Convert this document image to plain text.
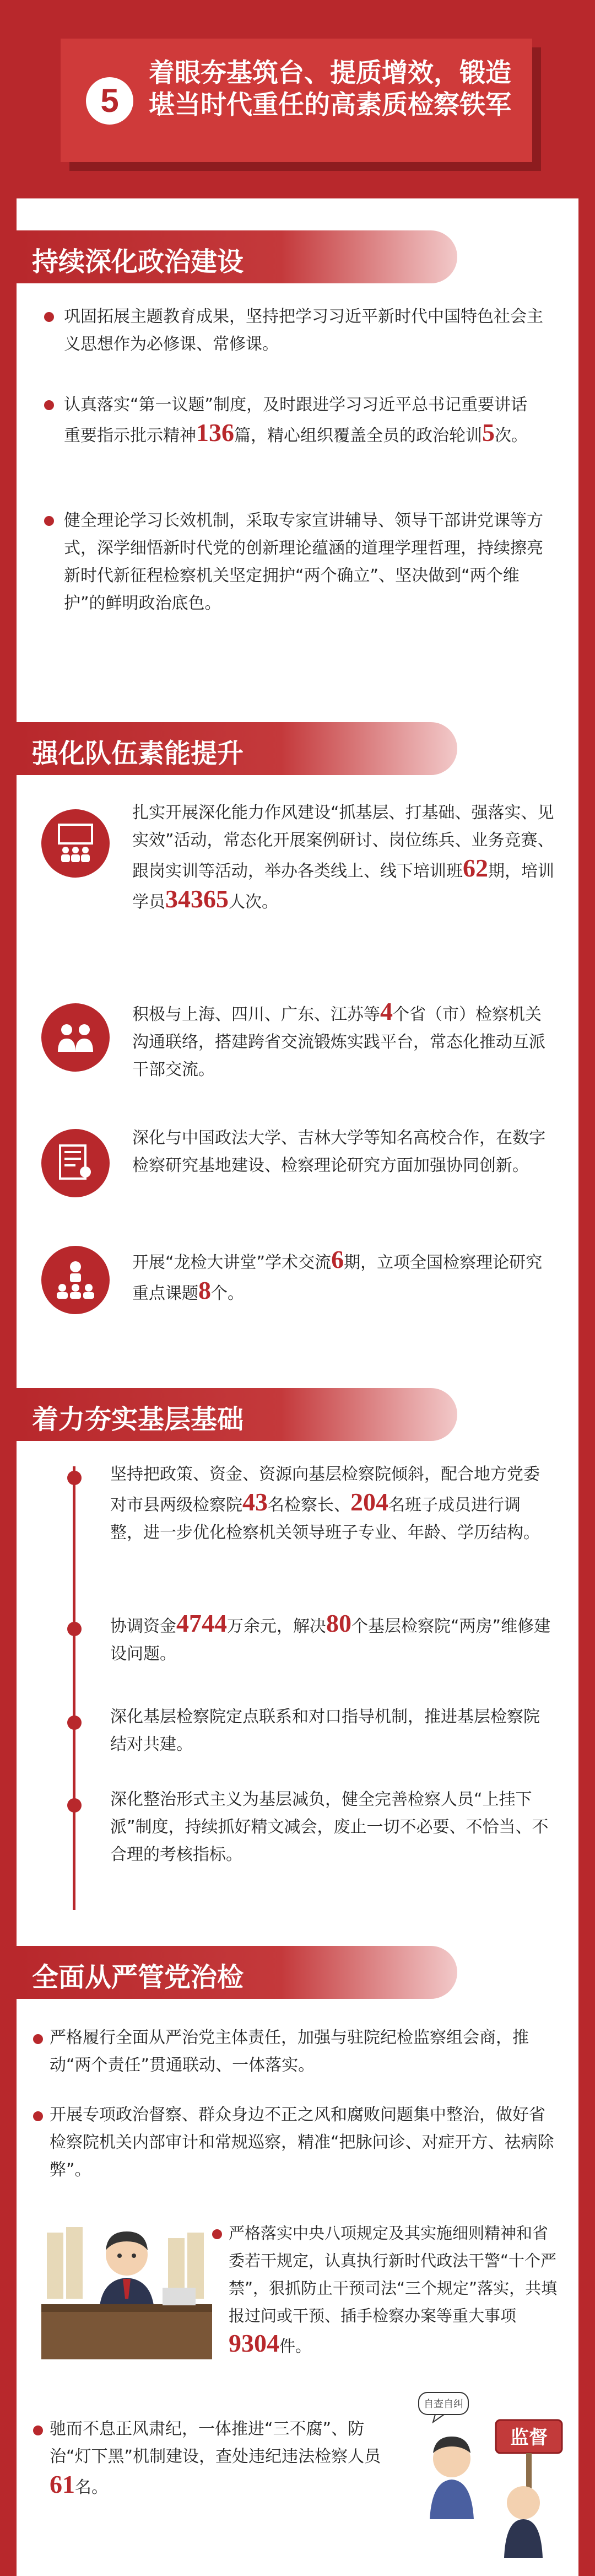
5
着眼夯基筑台、提质增效，锻造堪当时代重任的高素质检察铁军
持续深化政治建设
巩固拓展主题教育成果，坚持把学习习近平新时代中国特色社会主义思想作为必修课、常修课。
认真落实“第一议题”制度，及时跟进学习习近平总书记重要讲话重要指示批示精神136篇，精心组织覆盖全员的政治轮训5次。
健全理论学习长效机制，采取专家宣讲辅导、领导干部讲党课等方式，深学细悟新时代党的创新理论蕴涵的道理学理哲理，持续擦亮新时代新征程检察机关坚定拥护“两个确立”、坚决做到“两个维护”的鲜明政治底色。
强化队伍素能提升
扎实开展深化能力作风建设“抓基层、打基础、强落实、见实效”活动，常态化开展案例研讨、岗位练兵、业务竞赛、跟岗实训等活动，举办各类线上、线下培训班62期，培训学员34365人次。
积极与上海、四川、广东、江苏等4个省（市）检察机关沟通联络，搭建跨省交流锻炼实践平台，常态化推动互派干部交流。
深化与中国政法大学、吉林大学等知名高校合作，在数字检察研究基地建设、检察理论研究方面加强协同创新。
开展“龙检大讲堂”学术交流6期，立项全国检察理论研究重点课题8个。
着力夯实基层基础
坚持把政策、资金、资源向基层检察院倾斜，配合地方党委对市县两级检察院43名检察长、204名班子成员进行调整，进一步优化检察机关领导班子专业、年龄、学历结构。
协调资金4744万余元，解决80个基层检察院“两房”维修建设问题。
深化基层检察院定点联系和对口指导机制，推进基层检察院结对共建。
深化整治形式主义为基层减负，健全完善检察人员“上挂下派”制度，持续抓好精文减会，废止一切不必要、不恰当、不合理的考核指标。
全面从严管党治检
严格履行全面从严治党主体责任，加强与驻院纪检监察组会商，推动“两个责任”贯通联动、一体落实。
开展专项政治督察、群众身边不正之风和腐败问题集中整治，做好省检察院机关内部审计和常规巡察，精准“把脉问诊、对症开方、祛病除弊”。
严格落实中央八项规定及其实施细则精神和省委若干规定，认真执行新时代政法干警“十个严禁”，狠抓防止干预司法“三个规定”落实，共填报过问或干预、插手检察办案等重大事项9304件。
驰而不息正风肃纪，一体推进“三不腐”、防治“灯下黑”机制建设，查处违纪违法检察人员61名。
自查自纠
监督
